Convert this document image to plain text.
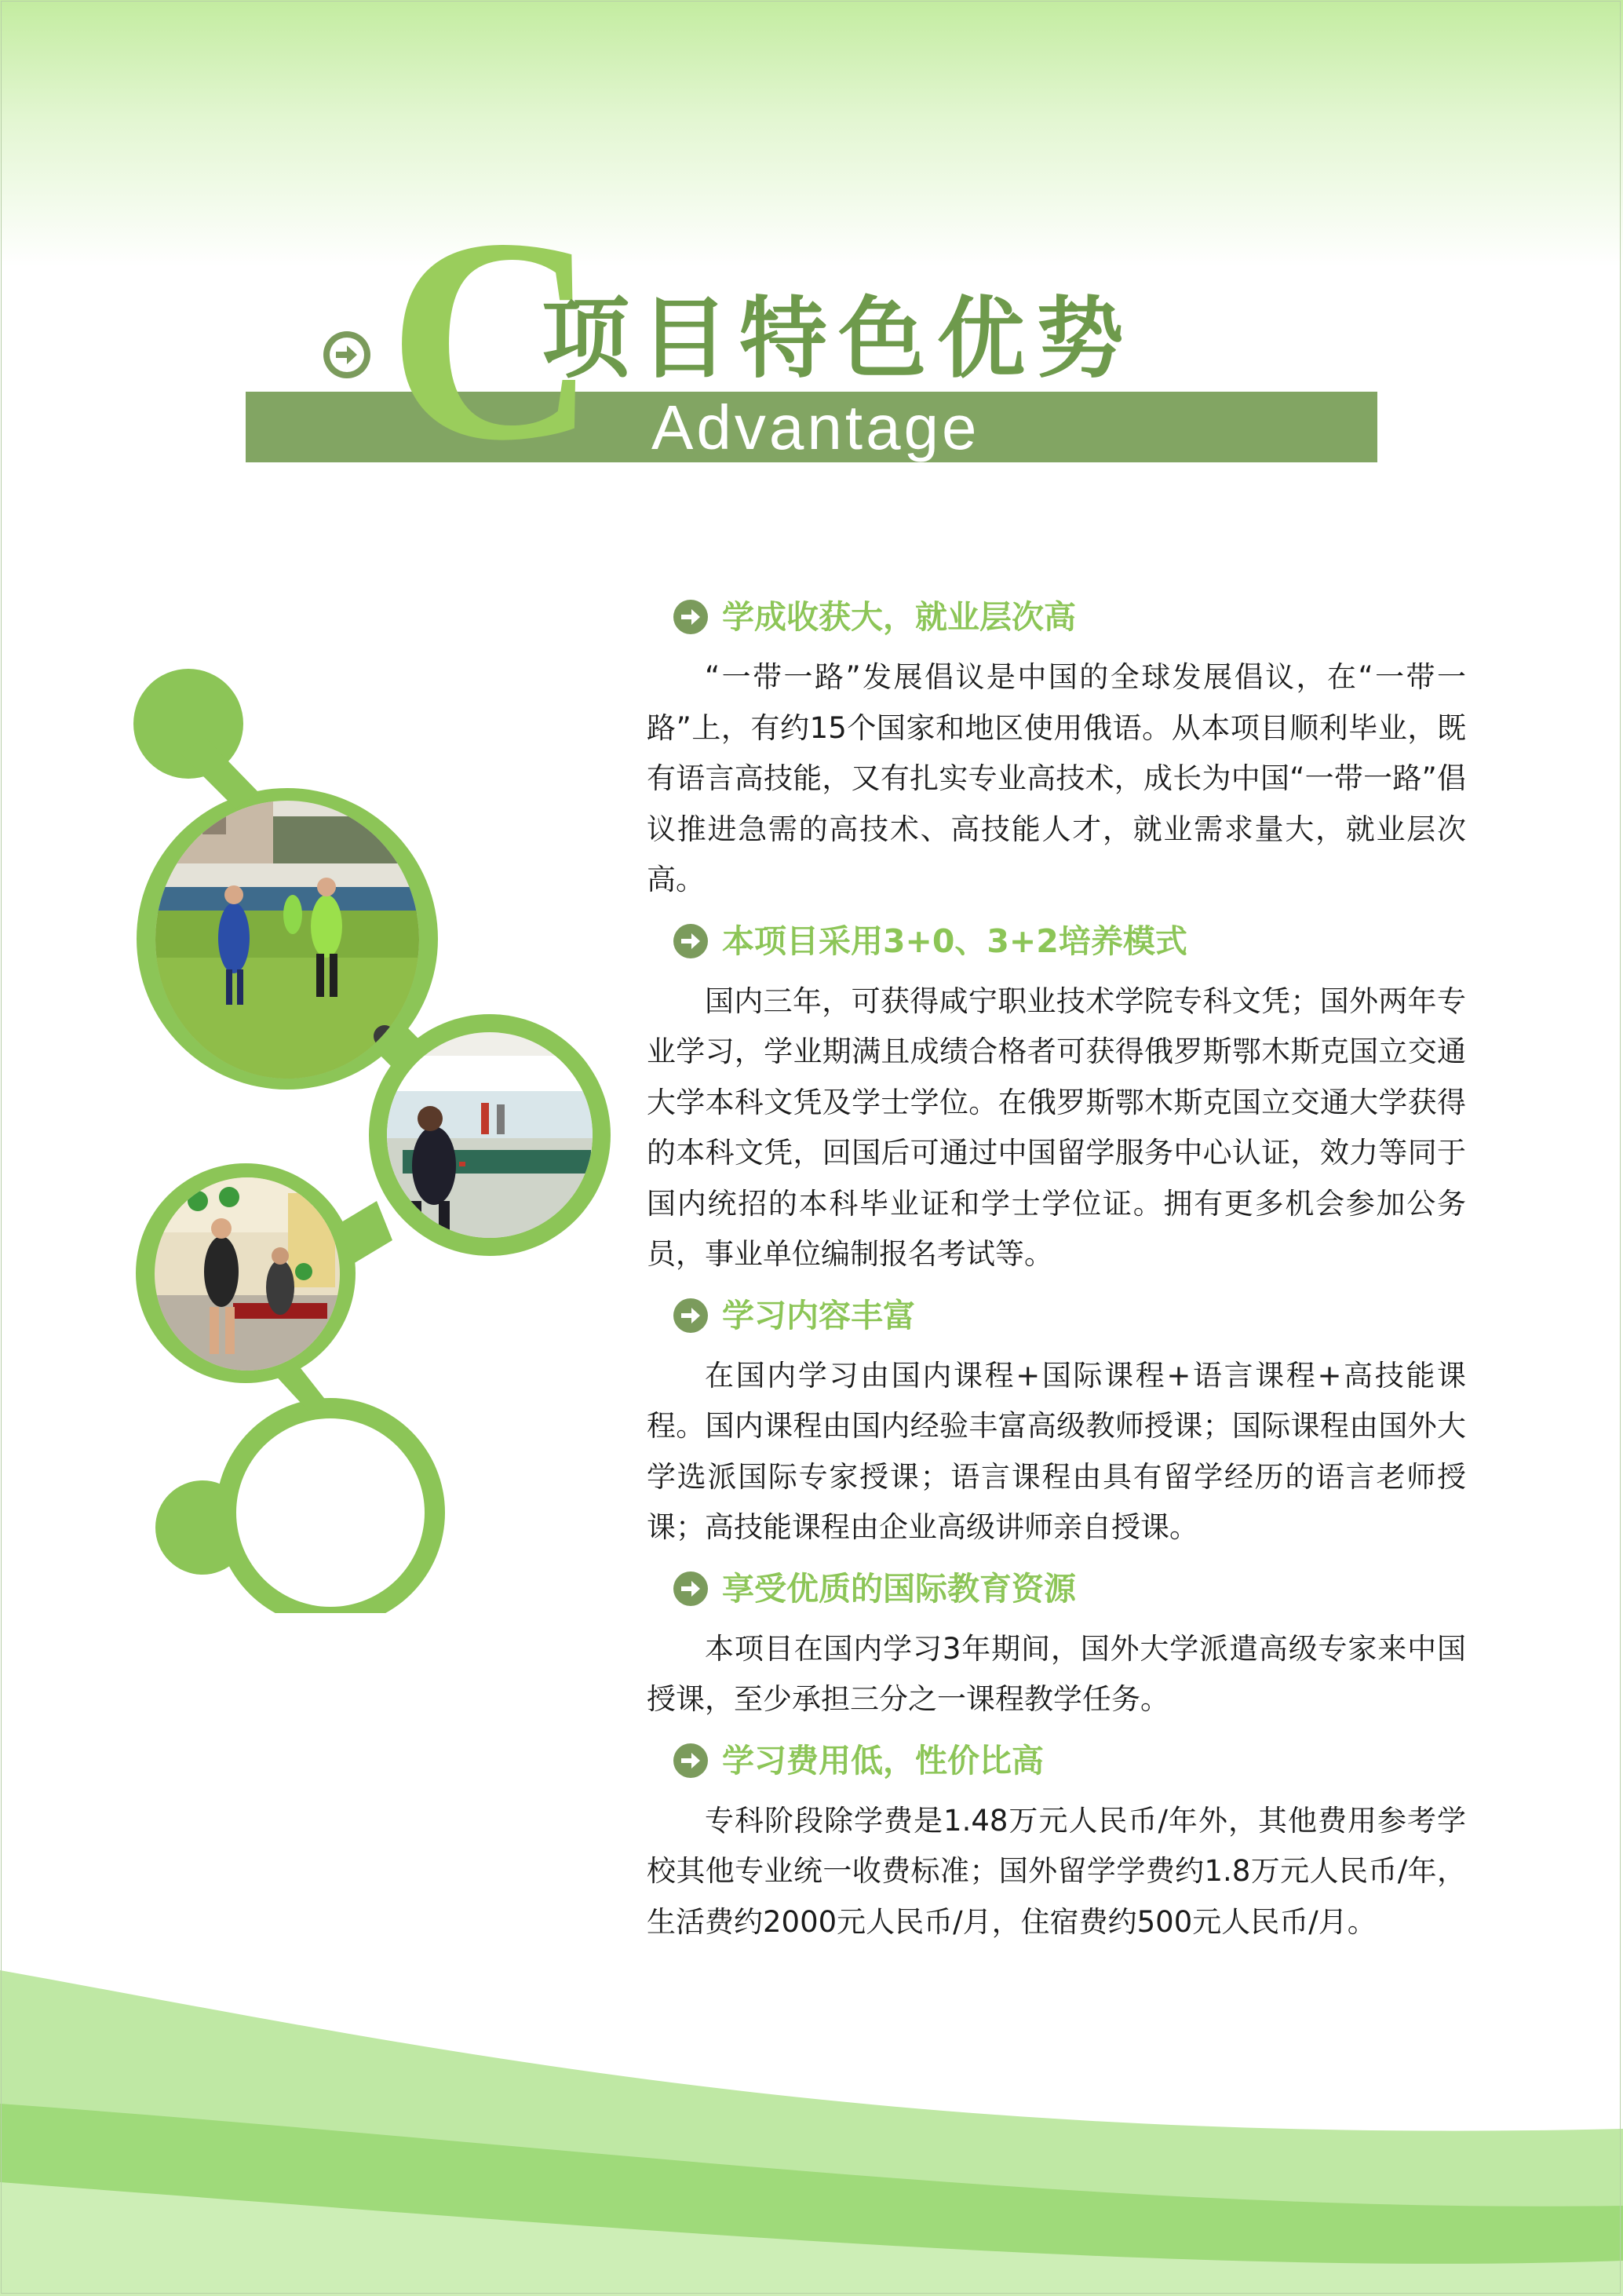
C
项目特色优势
Advantage
学成收获大，就业层次高

“一带一路”发展倡议是中国的全球发展倡议，在“一带一路”上，有约15个国家和地区使用俄语。从本项目顺利毕业，既有语言高技能，又有扎实专业高技术，成长为中国“一带一路”倡议推进急需的高技术、高技能人才，就业需求量大，就业层次高。

本项目采用3+0、3+2培养模式

国内三年，可获得咸宁职业技术学院专科文凭；国外两年专业学习，学业期满且成绩合格者可获得俄罗斯鄂木斯克国立交通大学本科文凭及学士学位。在俄罗斯鄂木斯克国立交通大学获得的本科文凭，回国后可通过中国留学服务中心认证，效力等同于国内统招的本科毕业证和学士学位证。拥有更多机会参加公务员，事业单位编制报名考试等。

学习内容丰富

在国内学习由国内课程+国际课程+语言课程+高技能课程。国内课程由国内经验丰富高级教师授课；国际课程由国外大学选派国际专家授课；语言课程由具有留学经历的语言老师授课；高技能课程由企业高级讲师亲自授课。

享受优质的国际教育资源

本项目在国内学习3年期间，国外大学派遣高级专家来中国授课，至少承担三分之一课程教学任务。

学习费用低，性价比高

专科阶段除学费是1.48万元人民币/年外，其他费用参考学校其他专业统一收费标准；国外留学学费约1.8万元人民币/年，生活费约2000元人民币/月，住宿费约500元人民币/月。
